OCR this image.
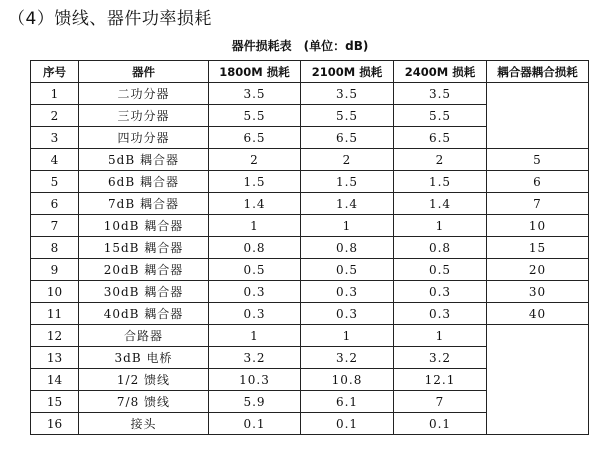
（4）馈线、器件功率损耗
器件损耗表　(单位：dB)
序号	器件	1800M 损耗	2100M 损耗	2400M 损耗	耦合器耦合损耗
1	二功分器	3.5	3.5	3.5	
2	三功分器	5.5	5.5	5.5	
3	四功分器	6.5	6.5	6.5	
4	5dB 耦合器	2	2	2	5
5	6dB 耦合器	1.5	1.5	1.5	6
6	7dB 耦合器	1.4	1.4	1.4	7
7	10dB 耦合器	1	1	1	10
8	15dB 耦合器	0.8	0.8	0.8	15
9	20dB 耦合器	0.5	0.5	0.5	20
10	30dB 耦合器	0.3	0.3	0.3	30
11	40dB 耦合器	0.3	0.3	0.3	40
12	合路器	1	1	1	
13	3dB 电桥	3.2	3.2	3.2	
14	1/2 馈线	10.3	10.8	12.1	
15	7/8 馈线	5.9	6.1	7	
16	接头	0.1	0.1	0.1	
